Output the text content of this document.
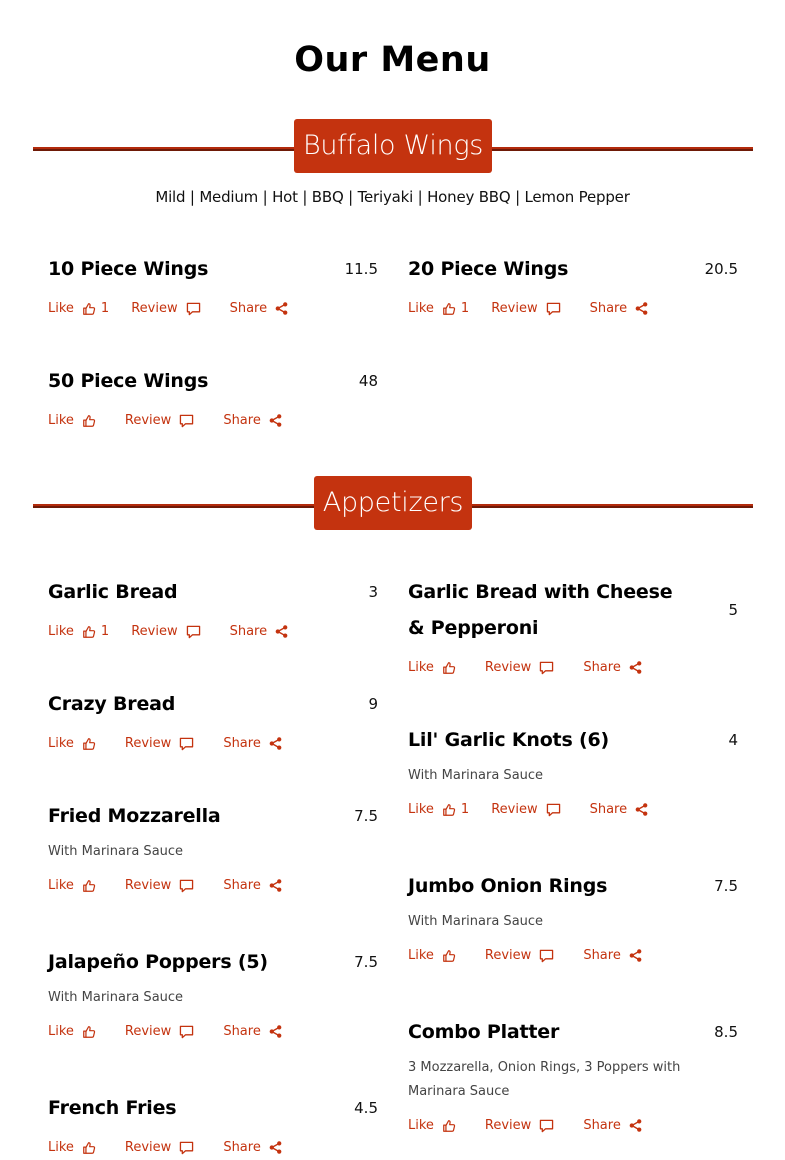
Our Menu
Buffalo Wings
Mild | Medium | Hot | BBQ | Teriyaki | Honey BBQ | Lemon Pepper
Appetizers
10 Piece Wings	11.5
Like 1 Review	Share
20 Piece Wings	20.5
Like 1 Review	Share
50 Piece Wings	48
Like	Review	Share
Garlic Bread	3
Like 1 Review	Share
Garlic Bread with Cheese & Pepperoni
5
Like	Review	Share
Crazy Bread	9
Like	Review	Share	Lil' Garlic Knots (6)	4
With Marinara Sauce
Like 1 Review	Share
Fried Mozzarella	7.5
With Marinara Sauce
Like	Review	Share	Jumbo Onion Rings	7.5
With Marinara Sauce
Like	Review	Share
Jalapeño Poppers (5)	7.5
With Marinara Sauce
Like	Review	Share	Combo Platter	8.5
3 Mozzarella, Onion Rings, 3 Poppers with Marinara Sauce
Like	Review	Share
French Fries	4.5
Like	Review	Share
